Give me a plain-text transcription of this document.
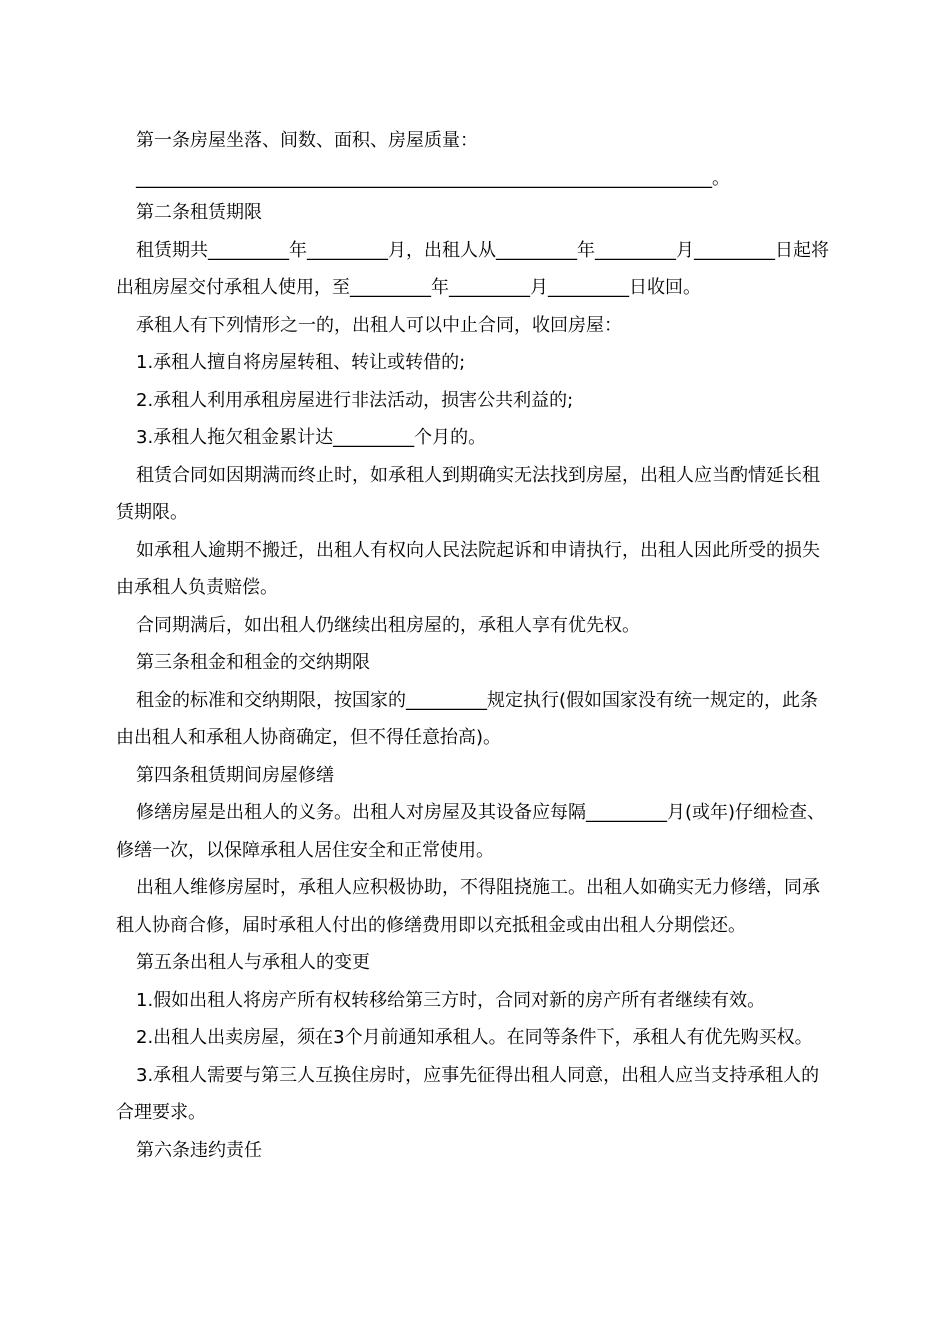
第一条房屋坐落、间数、面积、房屋质量：
________________________________________________________________。

第二条租赁期限

租赁期共_________年_________月，出租人从_________年_________月_________日起将出租房屋交付承租人使用，至_________年_________月_________日收回。

承租人有下列情形之一的，出租人可以中止合同，收回房屋：

1.承租人擅自将房屋转租、转让或转借的;

2.承租人利用承租房屋进行非法活动，损害公共利益的;

3.承租人拖欠租金累计达_________个月的。

租赁合同如因期满而终止时，如承租人到期确实无法找到房屋，出租人应当酌情延长租赁期限。

如承租人逾期不搬迁，出租人有权向人民法院起诉和申请执行，出租人因此所受的损失由承租人负责赔偿。

合同期满后，如出租人仍继续出租房屋的，承租人享有优先权。

第三条租金和租金的交纳期限

租金的标准和交纳期限，按国家的_________规定执行(假如国家没有统一规定的，此条由出租人和承租人协商确定，但不得任意抬高)。

第四条租赁期间房屋修缮

修缮房屋是出租人的义务。出租人对房屋及其设备应每隔_________月(或年)仔细检查、修缮一次，以保障承租人居住安全和正常使用。

出租人维修房屋时，承租人应积极协助，不得阻挠施工。出租人如确实无力修缮，同承租人协商合修，届时承租人付出的修缮费用即以充抵租金或由出租人分期偿还。

第五条出租人与承租人的变更

1.假如出租人将房产所有权转移给第三方时，合同对新的房产所有者继续有效。

2.出租人出卖房屋，须在3个月前通知承租人。在同等条件下，承租人有优先购买权。

3.承租人需要与第三人互换住房时，应事先征得出租人同意，出租人应当支持承租人的合理要求。

第六条违约责任
